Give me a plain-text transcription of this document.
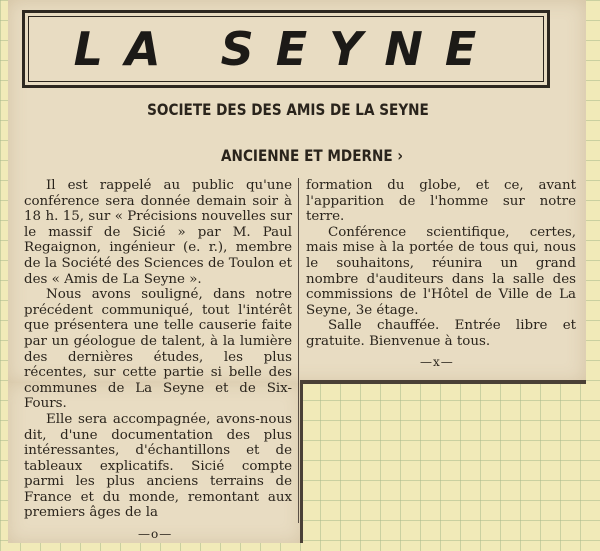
LA SEYNE
SOCIETE DES DES AMIS DE LA SEYNE
ANCIENNE ET MDERNE ›

Il est rappelé au public qu'une conférence sera donnée demain soir à 18 h. 15, sur « Précisions nouvelles sur le massif de Sicié » par M. Paul Regaignon, ingénieur (e. r.), membre de la Société des Sciences de Toulon et des « Amis de La Seyne ».

Nous avons souligné, dans notre précédent communiqué, tout l'intérêt que présentera une telle causerie faite par un géologue de talent, à la lumière des dernières études, les plus récentes, sur cette partie si belle des communes de La Seyne et de Six-Fours.

Elle sera accompagnée, avons-nous dit, d'une documentation des plus intéressantes, d'échantillons et de tableaux explicatifs. Sicié compte parmi les plus anciens terrains de France et du monde, remontant aux premiers âges de la

formation du globe, et ce, avant l'apparition de l'homme sur notre terre.

Conférence scientifique, certes, mais mise à la portée de tous qui, nous le souhaitons, réunira un grand nombre d'auditeurs dans la salle des commissions de l'Hôtel de Ville de La Seyne, 3e étage.

Salle chauffée. Entrée libre et gratuite. Bienvenue à tous.

—x—
—o—
